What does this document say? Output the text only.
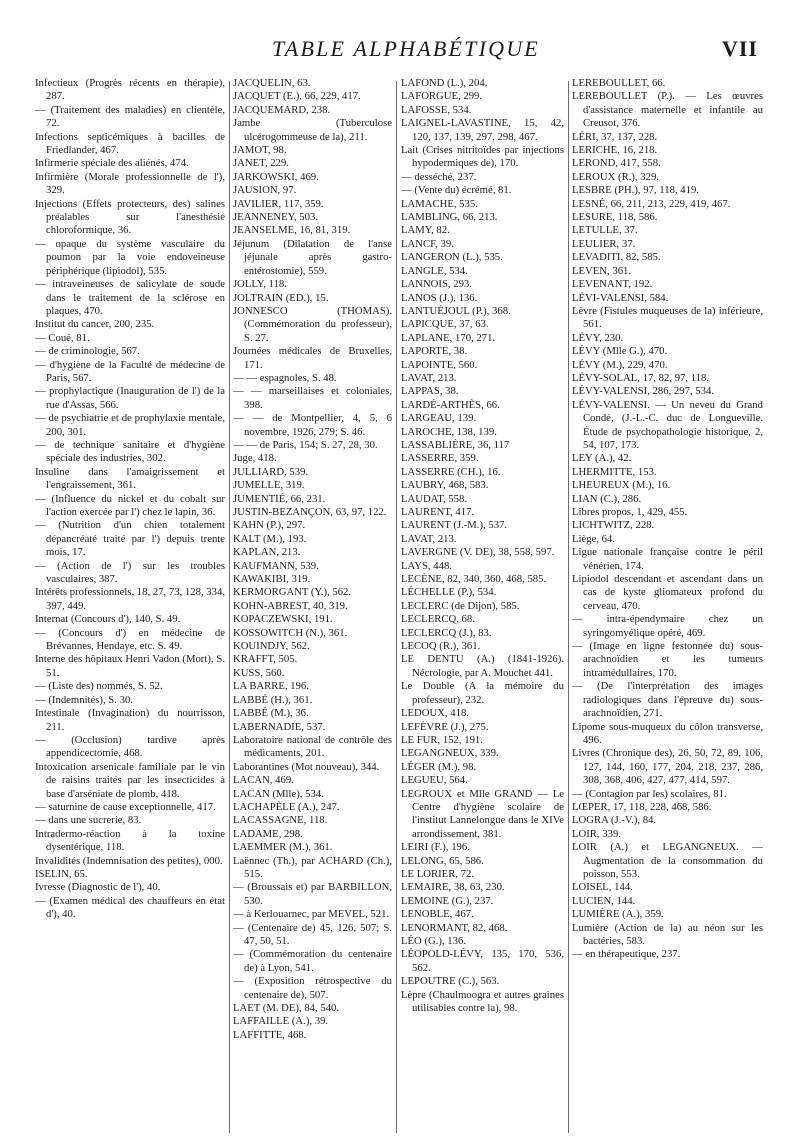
TABLE ALPHABÉTIQUE	VII
Infectieux (Progrès récents en thérapie), 287.
— (Traitement des maladies) en clientèle, 72.
Infections septicémiques à bacilles de Friedlander, 467.
Infirmerie spéciale des aliénés, 474.
Infirmière (Morale professionnelle de l'), 329.
Injections (Effets protecteurs, des) salines préalables sur l'anesthésie chloroformique, 36.
— opaque du système vasculaire du poumon par la voie endoveineuse périphérique (lipiodol), 535.
— intraveineuses de salicylate de soude dans le traitement de la sclérose en plaques, 470.
Institut du cancer, 200, 235.
— Coué, 81.
— de criminologie, 567.
— d'hygiène de la Faculté de médecine de Paris, 567.
— prophylactique (Inauguration de l') de la rue d'Assas, 566.
— de psychiatrie et de prophylaxie mentale, 200, 301.
— de technique sanitaire et d'hygiène spéciale des industries, 302.
Insuline dans l'amaigrissement et l'engraissement, 361.
— (Influence du nickel et du cobalt sur l'action exercée par l') chez le lapin, 36.
— (Nutrition d'un chien totalement dépancréaté traité par l') depuis trente mois, 17.
— (Action de l') sur les troubles vasculaires, 387.
Intérêts professionnels, 18, 27, 73, 128, 334, 397, 449.
Internat (Concours d'), 140, S. 49.
— (Concours d') en médecine de Brévannes, Hendaye, etc. S. 49.
Interne des hôpitaux Henri Vadon (Mort), S. 51.
— (Liste des) nommés, S. 52.
— (Indemnités), S. 30.
Intestinale (Invagination) du nourrisson, 211.
— (Occlusion) tardive après appendicectomie, 468.
Intoxication arsenicale familiale par le vin de raisins traités par les insecticides à base d'arséniate de plomb, 418.
— saturnine de cause exceptionnelle, 417.
— dans une sucrerie, 83.
Intradermo-réaction à la toxine dysentérique, 118.
Invalidités (Indemnisation des petites), 000.
ISELIN, 65.
Ivresse (Diagnostic de l'), 40.
— (Examen médical des chauffeurs en état d'), 40.
JACQUELIN, 63.
JACQUET (E.), 66, 229, 417.
JACQUEMARD, 238.
Jambe (Tuberculose ulcérogommeuse de la), 211.
JAMOT, 98.
JANET, 229.
JARKOWSKI, 469.
JAUSION, 97.
JAVILIER, 117, 359.
JEANNENEY, 503.
JEANSELME, 16, 81, 319.
Jéjunum (Dilatation de l'anse jéjunale après gastro-entérostomie), 559.
JOLLY, 118.
JOLTRAIN (ED.), 15.
JONNESCO (THOMAS). (Commémoration du professeur), S. 27.
Journées médicales de Bruxelles, 171.
— — espagnoles, S. 48.
— — marseillaises et coloniales, 398.
— — de Montpellier, 4, 5, 6 novembre, 1926, 279; S. 46.
— — de Paris, 154; S. 27, 28, 30.
Juge, 418.
JULLIARD, 539.
JUMELLE, 319.
JUMENTIÉ, 66, 231.
JUSTIN-BEZANÇON, 63, 97, 122.
KAHN (P.), 297.
KALT (M.), 193.
KAPLAN, 213.
KAUFMANN, 539.
KAWAKIBI, 319.
KERMORGANT (Y.), 562.
KOHN-ABREST, 40, 319.
KOPACZEWSKI, 191.
KOSSOWITCH (N.), 361.
KOUINDJY, 562.
KRAFFT, 505.
KUSS, 560.
LA BARRE, 196.
LABBÉ (H.), 361.
LABBÉ (M.), 36.
LABERNADIE, 537.
Laboratoire national de contrôle des médicaments, 201.
Laborantines (Mot nouveau), 344.
LACAN, 469.
LACAN (Mlle), 534.
LACHAPÈLE (A.), 247.
LACASSAGNE, 118.
LADAME, 298.
LAEMMER (M.), 361.
Laënnec (Th.), par ACHARD (Ch.), 515.
— (Broussais et) par BARBILLON, 530.
— à Kerlouarnec, par MEVEL, 521.
— (Centenaire de) 45, 126, 507; S. 47, 50, 51.
— (Commémoration du centenaire de) à Lyon, 541.
— (Exposition rétrospective du centenaire de), 507.
LAET (M. DE), 84, 540.
LAFFAILLE (A.), 39.
LAFFITTE, 468.
LAFOND (L.), 204.
LAFORGUE, 299.
LAFOSSE, 534.
LAIGNEL-LAVASTINE, 15, 42, 120, 137, 139, 297, 298, 467.
Lait (Crises nitritoïdes par injections hypodermiques de), 170.
— desséché, 237.
— (Vente du) écrémé, 81.
LAMACHE, 535.
LAMBLING, 66, 213.
LAMY, 82.
LANCF, 39.
LANGERON (L.), 535.
LANGLE, 534.
LANNOIS, 293.
LANOS (J.), 136.
LANTUÉJOUL (P.), 368.
LAPICQUE, 37, 63.
LAPLANE, 170, 271.
LAPORTE, 38.
LAPOINTE, 560.
LAVAT, 213.
LAPPAS, 38.
LARDÉ-ARTHÈS, 66.
LARGEAU, 139.
LAROCHE, 138, 139.
LASSABLIÈRE, 36, 117
LASSERRE, 359.
LASSERRE (CH.), 16.
LAUBRY, 468, 583.
LAUDAT, 558.
LAURENT, 417.
LAURENT (J.-M.), 537.
LAVAT, 213.
LAVERGNE (V. DE), 38, 558, 597.
LAYS, 448.
LECÈNE, 82, 340, 360, 468, 585.
LÉCHELLE (P.), 534.
LECLERC (de Dijon), 585.
LECLERCQ, 68.
LECLERCQ (J.), 83.
LECOQ (R.), 361.
LE DENTU (A.) (1841-1926). Nécrologie, par A. Mouchet 441.
Le Double (A la mémoire du professeur), 232.
LEDOUX, 418.
LEFÈVRE (J.), 275.
LE FUR, 152, 191.
LEGANGNEUX, 339.
LÉGER (M.), 98.
LEGUEU, 564.
LEGROUX et Mlle GRAND — Le Centre d'hygiène scolaire de l'institut Lannelongue dans le XIVe arrondissement, 381.
LEIRI (F.), 196.
LELONG, 65, 586.
LE LORIER, 72.
LEMAIRE, 38, 63, 230.
LEMOINE (G.), 237.
LENOBLE, 467.
LENORMANT, 82, 468.
LÉO (G.), 136.
LÉOPOLD-LÉVY, 135, 170, 536, 562.
LEPOUTRE (C.), 563.
Lèpre (Chaulmoogra et autres graines utilisables contre la), 98.
LEREBOULLET, 66.
LEREBOULLET (P.). — Les œuvres d'assistance maternelle et infantile au Creusot, 376.
LÉRI, 37, 137, 228.
LERICHE, 16, 218.
LEROND, 417, 558.
LEROUX (R.), 329.
LESBRE (PH.), 97, 118, 419.
LESNÉ, 66, 211, 213, 229, 419, 467.
LESURE, 118, 586.
LETULLE, 37.
LEULIER, 37.
LEVADITI, 82, 585.
LEVEN, 361.
LEVENANT, 192.
LÉVI-VALENSI, 584.
Lèvre (Fistules muqueuses de la) inférieure, 561.
LÉVY, 230.
LÉVY (Mlle G.), 470.
LÉVY (M.), 229, 470.
LÉVY-SOLAL, 17, 82, 97, 118.
LÉVY-VALENSI, 286, 297, 534.
LÉVY-VALENSI. — Un neveu du Grand Condé, (J.-L.-C. duc de Longueville. Étude de psychopathologie historique, 2, 54, 107, 173.
LEY (A.), 42.
LHERMITTE, 153.
LHEUREUX (M.), 16.
LIAN (C.), 286.
Libres propos, 1, 429, 455.
LICHTWITZ, 228.
Liège, 64.
Ligue nationale française contre le péril vénérien, 174.
Lipiodol descendant et ascendant dans un cas de kyste gliomateux profond du cerveau, 470.
— intra-épendymaire chez un syringomyélique opéré, 469.
— (Image en ligne festonnée du) sous-arachnoïdien et les tumeurs intramédullaires, 170.
— (De l'interprétation des images radiologiques dans l'épreuve du) sous-arachnoïdien, 271.
Lipome sous-muqueux du côlon transverse, 496.
Livres (Chronique des), 26, 50, 72, 89, 106, 127, 144, 160, 177, 204, 218, 237, 286, 308, 368, 406, 427, 477, 414, 597.
— (Contagion par les) scolaires, 81.
LŒPER, 17, 118, 228, 468, 586.
LOGRA (J.-V.), 84.
LOIR, 339.
LOIR (A.) et LEGANGNEUX. — Augmentation de la consommation du poisson, 553.
LOISEL, 144.
LUCIEN, 144.
LUMIÈRE (A.), 359.
Lumière (Action de la) au néon sur les bactéries, 583.
— en thérapeutique, 237.
